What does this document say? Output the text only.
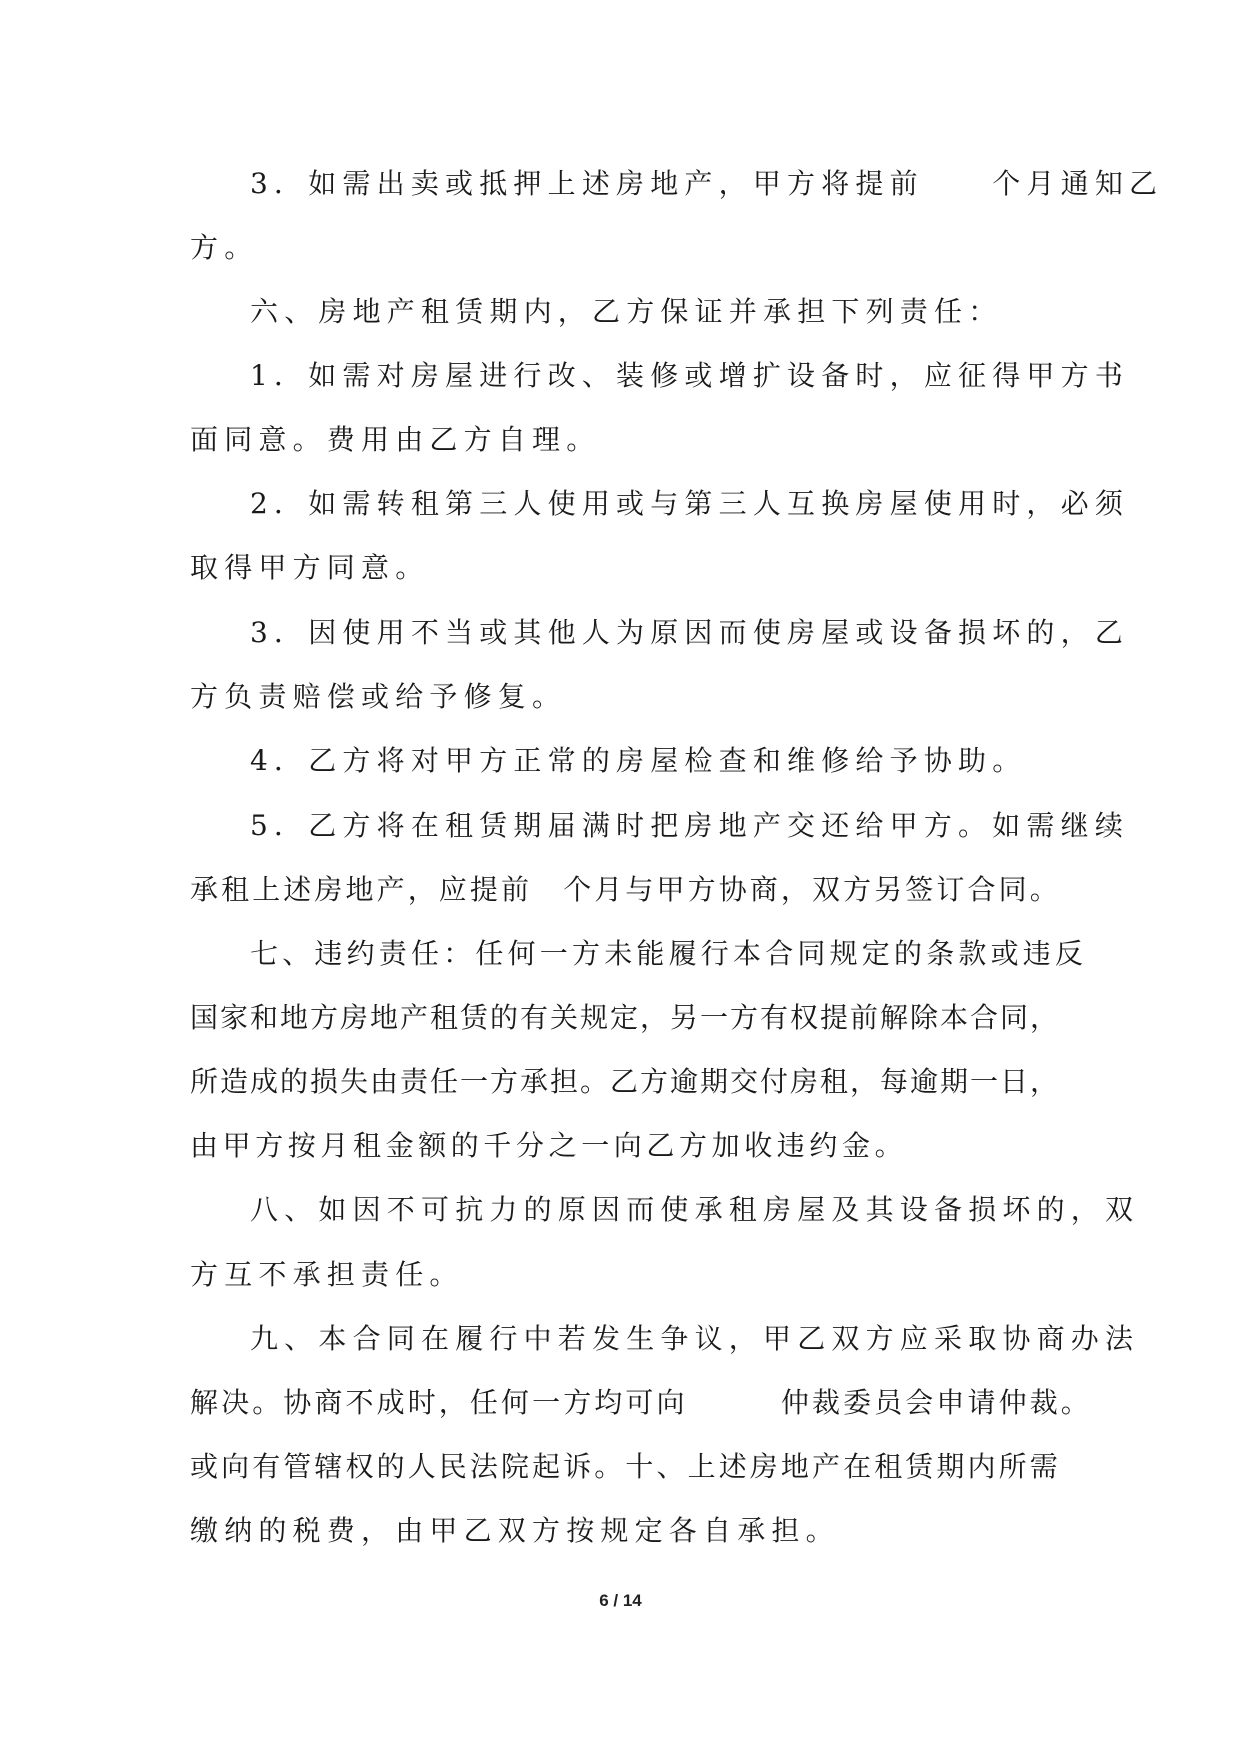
3．如需出卖或抵押上述房地产，甲方将提前　　个月通知乙
方。
六、房地产租赁期内，乙方保证并承担下列责任：
1．如需对房屋进行改、装修或增扩设备时，应征得甲方书
面同意。费用由乙方自理。
2．如需转租第三人使用或与第三人互换房屋使用时，必须
取得甲方同意。
3．因使用不当或其他人为原因而使房屋或设备损坏的，乙
方负责赔偿或给予修复。
4．乙方将对甲方正常的房屋检查和维修给予协助。
5．乙方将在租赁期届满时把房地产交还给甲方。如需继续
承租上述房地产，应提前　个月与甲方协商，双方另签订合同。
七、违约责任：任何一方未能履行本合同规定的条款或违反
国家和地方房地产租赁的有关规定，另一方有权提前解除本合同，
所造成的损失由责任一方承担。乙方逾期交付房租，每逾期一日，
由甲方按月租金额的千分之一向乙方加收违约金。
八、如因不可抗力的原因而使承租房屋及其设备损坏的，双
方互不承担责任。
九、本合同在履行中若发生争议，甲乙双方应采取协商办法
解决。协商不成时，任何一方均可向　　　仲裁委员会申请仲裁。
或向有管辖权的人民法院起诉。十、上述房地产在租赁期内所需
缴纳的税费，由甲乙双方按规定各自承担。
6 / 14
